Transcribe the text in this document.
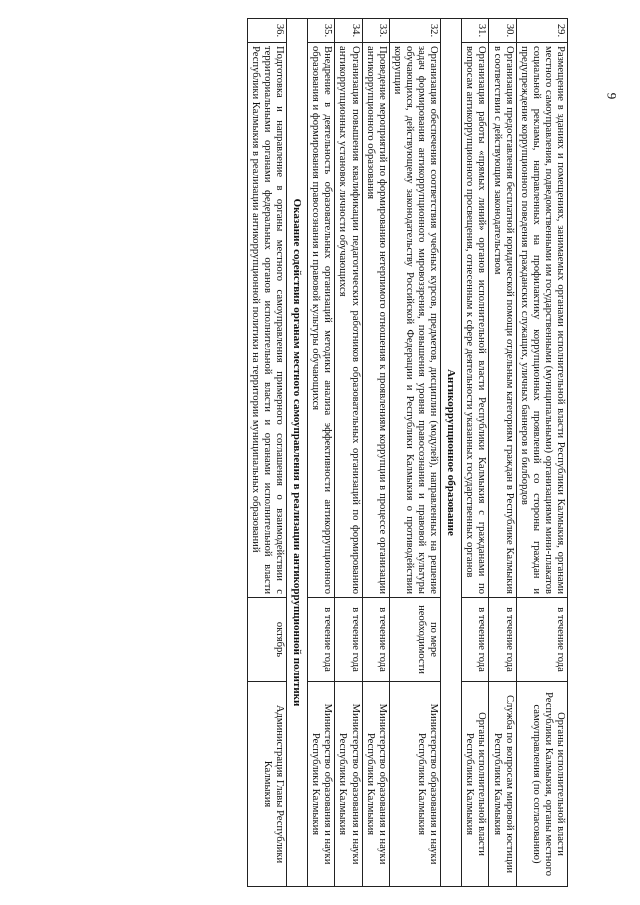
9
29.	Размещение в зданиях и помещениях, занимаемых органами исполнительной власти Республики Калмыкия, органами местного самоуправления, подведомственными им государственными (муниципальными) организациями мини-плакатов социальной рекламы, направленных на профилактику коррупционных проявлений со стороны граждан и предупреждение коррупционного поведения гражданских служащих, уличных баннеров и билбордов	в течение года	Органы исполнительной власти Республики Калмыкия, органы местного самоуправления (по согласованию)
30.	Организация предоставления бесплатной юридической помощи отдельным категориям граждан в Республике Калмыкия в соответствии с действующим законодательством	в течение года	Служба по вопросам мировой юстиции Республики Калмыкия
31.	Организация работы «прямых линий» органов исполнительной власти Республики Калмыкия с гражданами по вопросам антикоррупционного просвещения, отнесенным к сфере деятельности указанных государственных органов	в течение года	Органы исполнительной власти Республики Калмыкия
Антикоррупционное образование			
32.	Организация обеспечения соответствия учебных курсов, предметов, дисциплин (модулей), направленных на решение задач формирования антикоррупционного мировоззрения, повышения уровня правосознания и правовой культуры обучающихся, действующему законодательству Российской Федерации и Республики Калмыкия о противодействии коррупции	по мере необходимости	Министерство образования и науки Республики Калмыкия
33.	Проведение мероприятий по формированию нетерпимого отношения к проявлениям коррупции в процессе организации антикоррупционного образования	в течение года	Министерство образования и науки Республики Калмыкия
34.	Организация повышения квалификации педагогических работников образовательных организаций по формированию антикоррупционных установок личности обучающихся	в течение года	Министерство образования и науки Республики Калмыкия
35.	Внедрение в деятельность образовательных организаций методики анализа эффективности антикоррупционного образования и формирования правосознания и правовой культуры обучающихся	в течение года	Министерство образования и науки Республики Калмыкия
Оказание содействия органам местного самоуправления в реализации антикоррупционной политики			
36.	Подготовка и направление в органы местного самоуправления примерного соглашения о взаимодействии с территориальными органами федеральных органов исполнительной власти и органами исполнительной власти Республики Калмыкия в реализации антикоррупционной политики на территории муниципальных образований	октябрь	Администрация Главы Республики Калмыкия
